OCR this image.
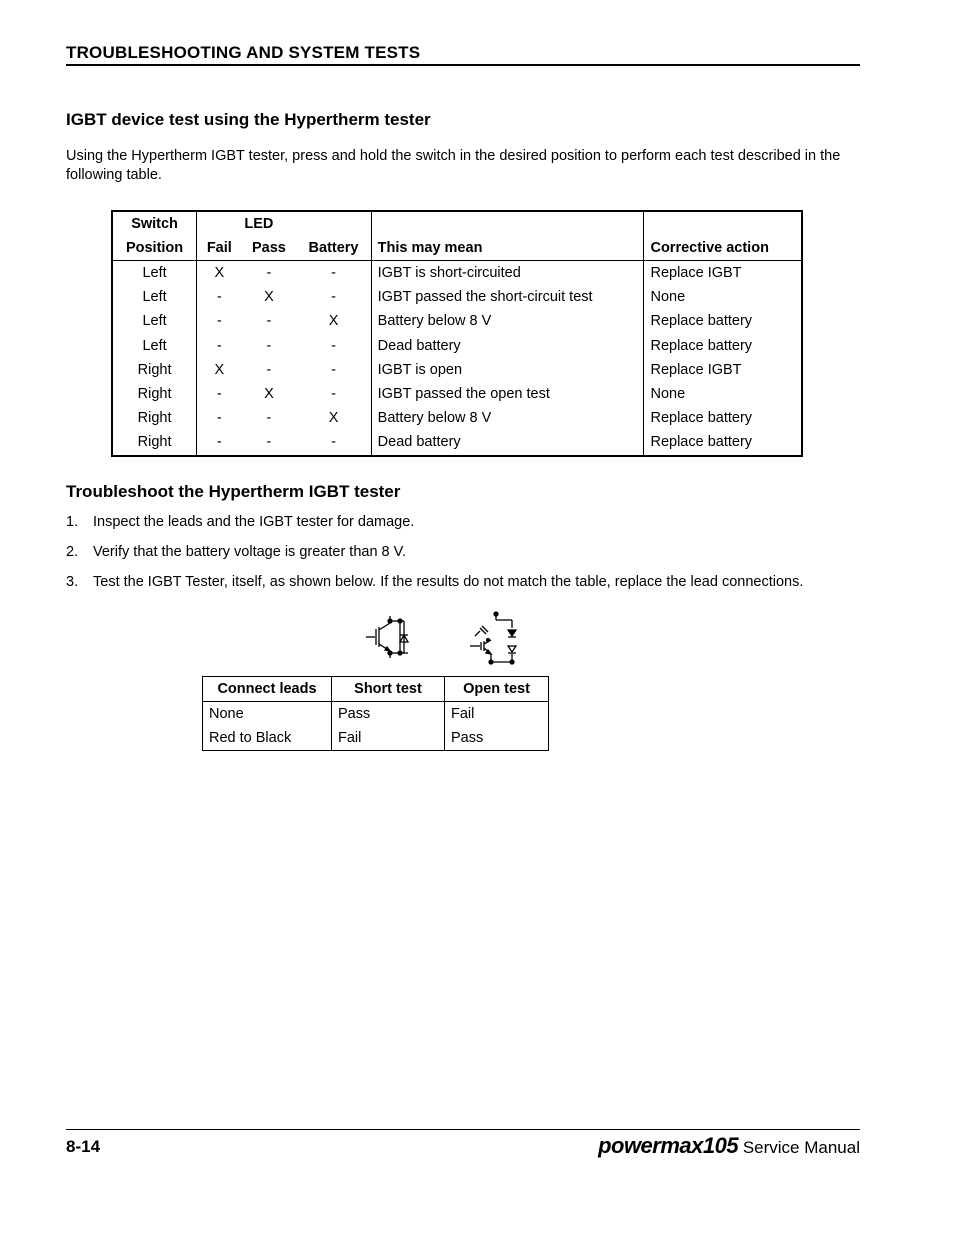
TROUBLESHOOTING AND SYSTEM TESTS
IGBT device test using the Hypertherm tester
Using the Hypertherm IGBT tester, press and hold the switch in the desired position to perform each test described in the following table.
Switch	LED				
Position	Fail	Pass	Battery	This may mean	Corrective action
Left	X	-	-	IGBT is short-circuited	Replace IGBT
Left	-	X	-	IGBT passed the short-circuit test	None
Left	-	-	X	Battery below 8 V	Replace battery
Left	-	-	-	Dead battery	Replace battery
Right	X	-	-	IGBT is open	Replace IGBT
Right	-	X	-	IGBT passed the open test	None
Right	-	-	X	Battery below 8 V	Replace battery
Right	-	-	-	Dead battery	Replace battery
Troubleshoot the Hypertherm IGBT tester
1. Inspect the leads and the IGBT tester for damage.
2. Verify that the battery voltage is greater than 8 V.
3. Test the IGBT Tester, itself, as shown below. If the results do not match the table, replace the lead connections.
Connect leads	Short test	Open test
None	Pass	Fail
Red to Black	Fail	Pass
8-14	powermax105 Service Manual
